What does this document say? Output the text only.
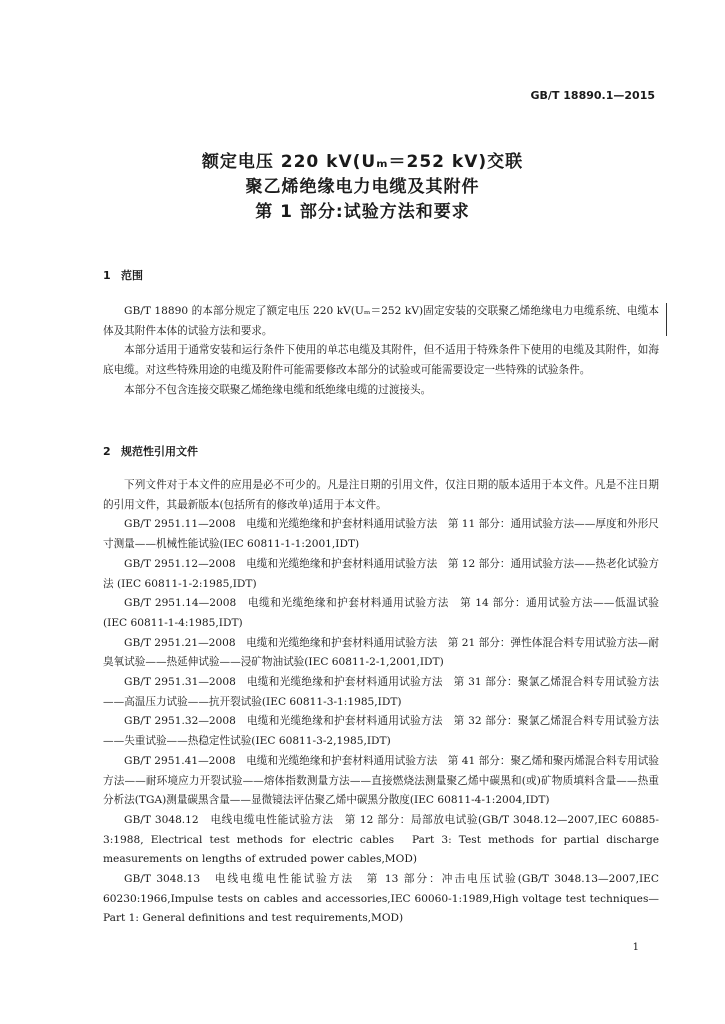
GB/T 18890.1—2015
额定电压 220 kV(Uₘ＝252 kV)交联
聚乙烯绝缘电力电缆及其附件
第 1 部分:试验方法和要求
1 范围

GB/T 18890 的本部分规定了额定电压 220 kV(Uₘ＝252 kV)固定安装的交联聚乙烯绝缘电力电缆系统、电缆本体及其附件本体的试验方法和要求。

本部分适用于通常安装和运行条件下使用的单芯电缆及其附件，但不适用于特殊条件下使用的电缆及其附件，如海底电缆。对这些特殊用途的电缆及附件可能需要修改本部分的试验或可能需要设定一些特殊的试验条件。

本部分不包含连接交联聚乙烯绝缘电缆和纸绝缘电缆的过渡接头。

2 规范性引用文件

下列文件对于本文件的应用是必不可少的。凡是注日期的引用文件，仅注日期的版本适用于本文件。凡是不注日期的引用文件，其最新版本(包括所有的修改单)适用于本文件。

GB/T 2951.11—2008　电缆和光缆绝缘和护套材料通用试验方法　第 11 部分：通用试验方法——厚度和外形尺寸测量——机械性能试验(IEC 60811-1-1:2001,IDT)

GB/T 2951.12—2008　电缆和光缆绝缘和护套材料通用试验方法　第 12 部分：通用试验方法——热老化试验方法 (IEC 60811-1-2:1985,IDT)

GB/T 2951.14—2008　电缆和光缆绝缘和护套材料通用试验方法　第 14 部分：通用试验方法——低温试验 (IEC 60811-1-4:1985,IDT)

GB/T 2951.21—2008　电缆和光缆绝缘和护套材料通用试验方法　第 21 部分：弹性体混合料专用试验方法—耐臭氧试验——热延伸试验——浸矿物油试验(IEC 60811-2-1,2001,IDT)

GB/T 2951.31—2008　电缆和光缆绝缘和护套材料通用试验方法　第 31 部分：聚氯乙烯混合料专用试验方法——高温压力试验——抗开裂试验(IEC 60811-3-1:1985,IDT)

GB/T 2951.32—2008　电缆和光缆绝缘和护套材料通用试验方法　第 32 部分：聚氯乙烯混合料专用试验方法——失重试验——热稳定性试验(IEC 60811-3-2,1985,IDT)

GB/T 2951.41—2008　电缆和光缆绝缘和护套材料通用试验方法　第 41 部分：聚乙烯和聚丙烯混合料专用试验方法——耐环境应力开裂试验——熔体指数测量方法——直接燃烧法测量聚乙烯中碳黑和(或)矿物质填料含量——热重分析法(TGA)测量碳黑含量——显微镜法评估聚乙烯中碳黑分散度(IEC 60811-4-1:2004,IDT)

GB/T 3048.12　电线电缆电性能试验方法　第 12 部分：局部放电试验(GB/T 3048.12—2007,IEC 60885-3:1988, Electrical test methods for electric cables　Part 3: Test methods for partial discharge measurements on lengths of extruded power cables,MOD)

GB/T 3048.13　电线电缆电性能试验方法　第 13 部分：冲击电压试验(GB/T 3048.13—2007,IEC 60230:1966,Impulse tests on cables and accessories,IEC 60060-1:1989,High voltage test techniques—Part 1: General definitions and test requirements,MOD)

1
